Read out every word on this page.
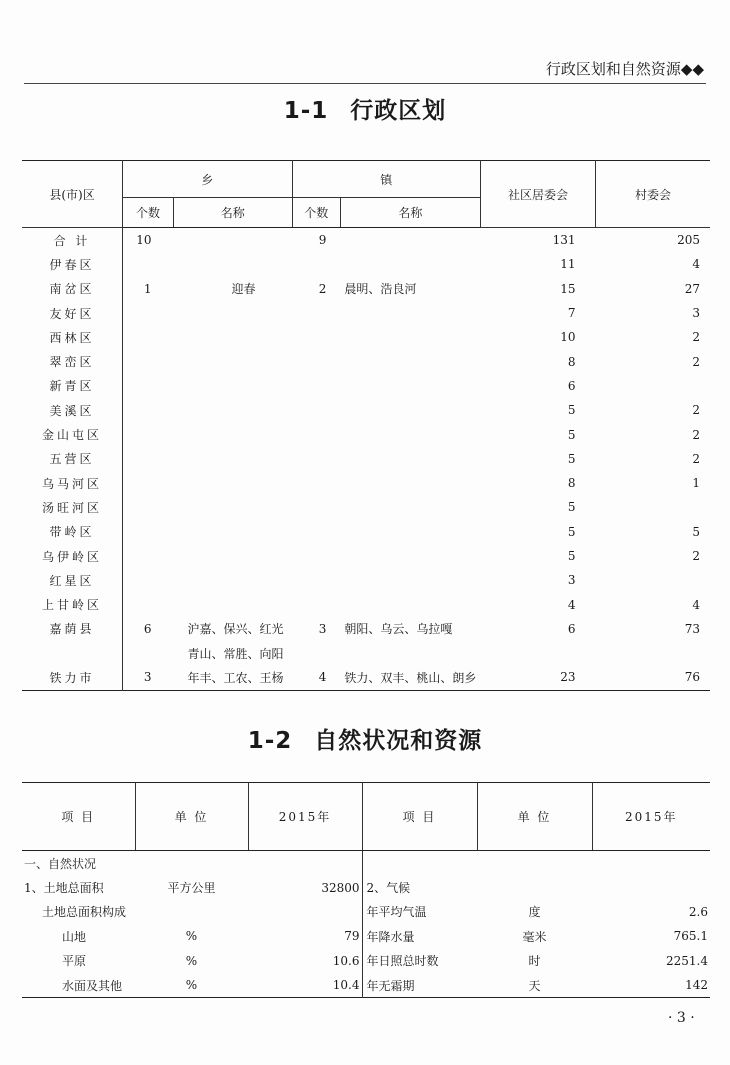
行政区划和自然资源◆◆
1-1 行政区划
县(市)区	乡		镇		社区居委会	村委会
	个数	名称	个数	名称		
合 计	10		9		131	205
伊春区					11	4
南岔区	1	迎春	2	晨明、浩良河	15	27
友好区					7	3
西林区					10	2
翠峦区					8	2
新青区					6	
美溪区					5	2
金山屯区					5	2
五营区					5	2
乌马河区					8	1
汤旺河区					5	
带岭区					5	5
乌伊岭区					5	2
红星区					3	
上甘岭区					4	4
嘉荫县	6	沪嘉、保兴、红光	3	朝阳、乌云、乌拉嘎	6	73
		青山、常胜、向阳				
铁力市	3	年丰、工农、王杨	4	铁力、双丰、桃山、朗乡	23	76
1-2 自然状况和资源
项 目	单 位	2015年	项 目	单 位	2015年
一、自然状况					
1、土地总面积	平方公里	32800	2、气候		
土地总面积构成			年平均气温	度	2.6
山地	%	79	年降水量	毫米	765.1
平原	%	10.6	年日照总时数	时	2251.4
水面及其他	%	10.4	年无霜期	天	142
· 3 ·
